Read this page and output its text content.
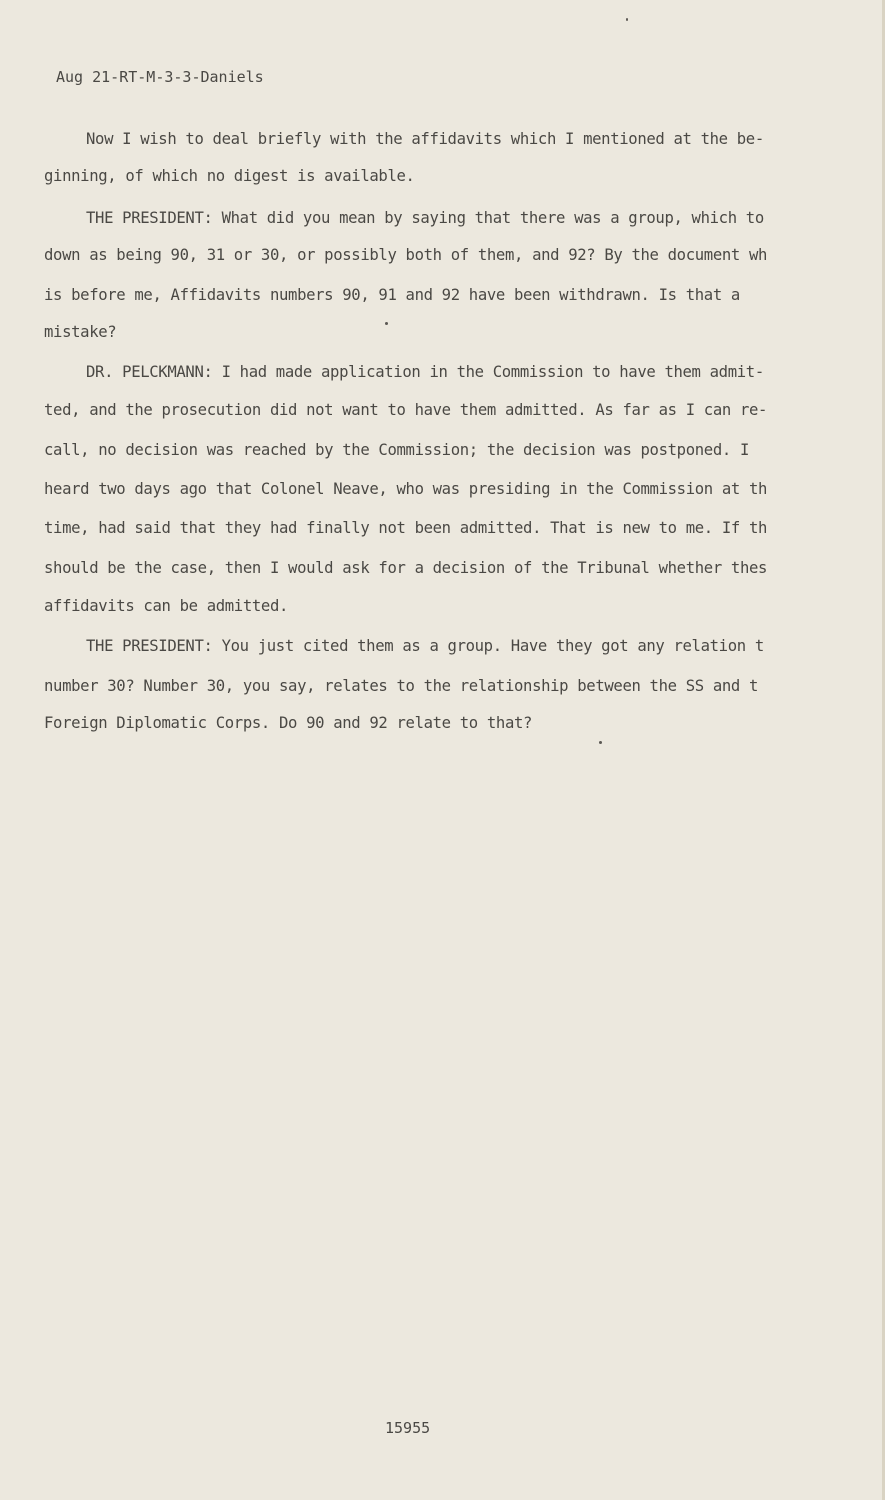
Aug 21-RT-M-3-3-Daniels
Now I wish to deal briefly with the affidavits which I mentioned at the be-
ginning, of which no digest is available.
THE PRESIDENT: What did you mean by saying that there was a group, which to
down as being 90, 31 or 30, or possibly both of them, and 92? By the document wh
is before me, Affidavits numbers 90, 91 and 92 have been withdrawn. Is that a
mistake?
DR. PELCKMANN: I had made application in the Commission to have them admit-
ted, and the prosecution did not want to have them admitted. As far as I can re-
call, no decision was reached by the Commission; the decision was postponed. I
heard two days ago that Colonel Neave, who was presiding in the Commission at th
time, had said that they had finally not been admitted. That is new to me. If th
should be the case, then I would ask for a decision of the Tribunal whether thes
affidavits can be admitted.
THE PRESIDENT: You just cited them as a group. Have they got any relation t
number 30? Number 30, you say, relates to the relationship between the SS and t
Foreign Diplomatic Corps. Do 90 and 92 relate to that?
15955
